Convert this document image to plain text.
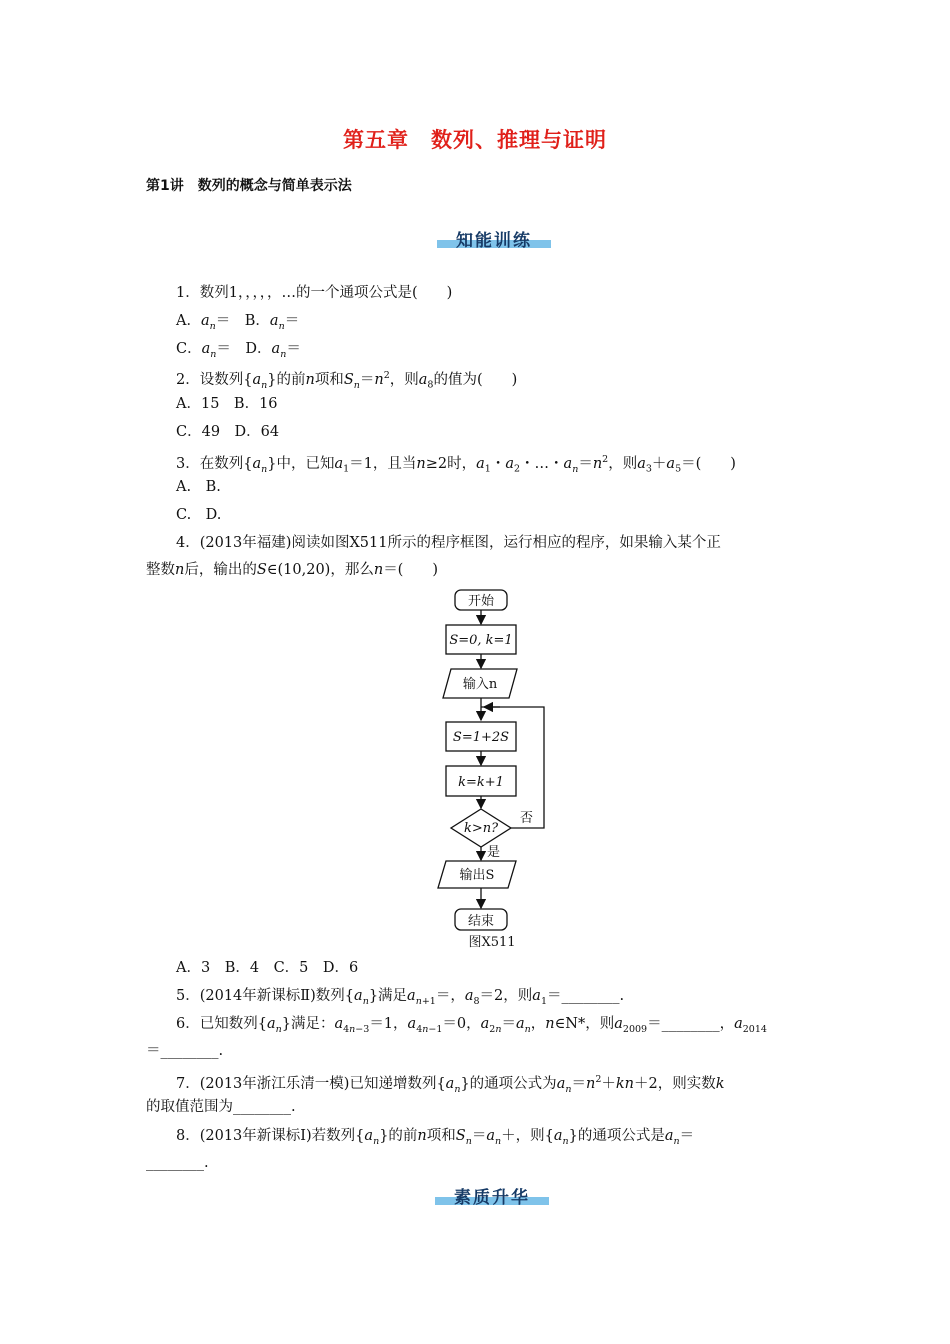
第五章　数列、推理与证明
第1讲　数列的概念与简单表示法
知能训练
1．数列1，，，，，…的一个通项公式是(　　)
A．$a_n=$　B．$a_n=$
C．$a_n=$　D．$a_n=$
2．设数列$\{a_n\}$的前n项和$S_n=n^2$，则$a_8$的值为(　　)
A．15　B．16
C．49　D．64
3．在数列$\{a_n\}$中，已知$a_1=1$，且当n≥2时，$a_1$・$a_2$・…・$a_n=n^2$，则$a_3+a_5=$(　　)
A.　B.
C.　D.
4．(2013年福建)阅读如图X511所示的程序框图，运行相应的程序，如果输入某个正
整数n后，输出的S∈(10,20)，那么n＝(　　)
开始
S=0, k=1
输入n
S=1+2S
k=k+1
k>n?
否
是
输出S
结束
图X511
A．3　B．4　C．5　D．6
5．(2014年新课标Ⅱ)数列$\{a_n\}$满足$a_{n+1}=$，$a_8=2$，则$a_1=\_\_\_\_\_\_\_\_$.
6．已知数列$\{a_n\}$满足：$a_{4n-3}=1$，$a_{4n-1}=0$，$a_{2n}=a_n$，n∈N*，则$a_{2009}=\_\_\_\_\_\_\_\_$，$a_{2014}$
＝________.
7．(2013年浙江乐清一模)已知递增数列$\{a_n\}$的通项公式为$a_n=n^2+kn+2$，则实数k
的取值范围为________.
8．(2013年新课标Ⅰ)若数列$\{a_n\}$的前n项和$S_n=a_n+$，则$\{a_n\}$的通项公式是$a_n=$
________.
素质升华
